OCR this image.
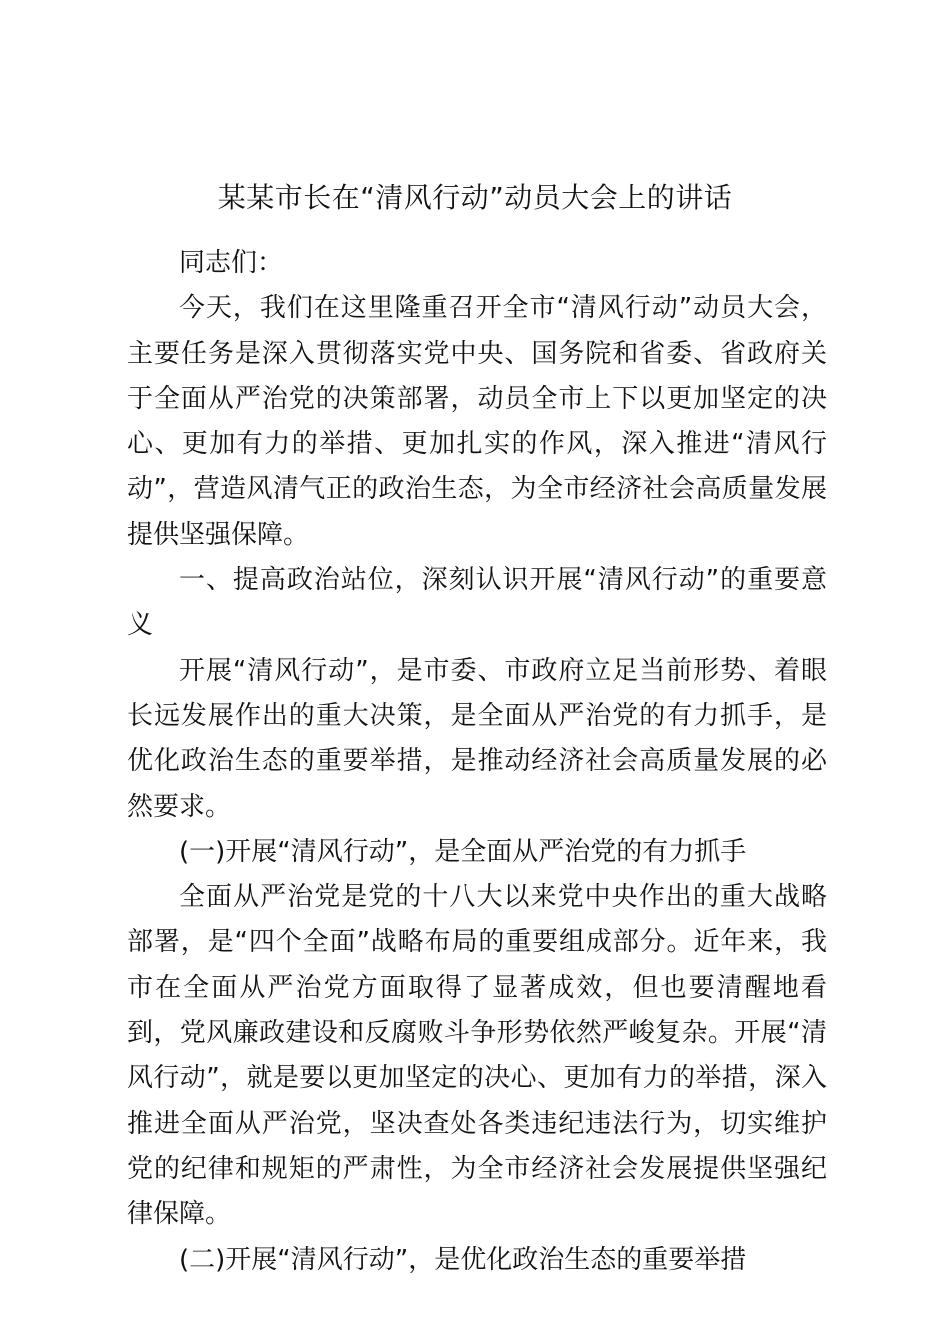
某某市长在“清风行动”动员大会上的讲话

同志们：

今天，我们在这里隆重召开全市“清风行动”动员大会，主要任务是深入贯彻落实党中央、国务院和省委、省政府关于全面从严治党的决策部署，动员全市上下以更加坚定的决心、更加有力的举措、更加扎实的作风，深入推进“清风行动”，营造风清气正的政治生态，为全市经济社会高质量发展提供坚强保障。

一、提高政治站位，深刻认识开展“清风行动”的重要意义

开展“清风行动”，是市委、市政府立足当前形势、着眼长远发展作出的重大决策，是全面从严治党的有力抓手，是优化政治生态的重要举措，是推动经济社会高质量发展的必然要求。

(一)开展“清风行动”，是全面从严治党的有力抓手

全面从严治党是党的十八大以来党中央作出的重大战略部署，是“四个全面”战略布局的重要组成部分。近年来，我市在全面从严治党方面取得了显著成效，但也要清醒地看到，党风廉政建设和反腐败斗争形势依然严峻复杂。开展“清风行动”，就是要以更加坚定的决心、更加有力的举措，深入推进全面从严治党，坚决查处各类违纪违法行为，切实维护党的纪律和规矩的严肃性，为全市经济社会发展提供坚强纪律保障。

(二)开展“清风行动”，是优化政治生态的重要举措
